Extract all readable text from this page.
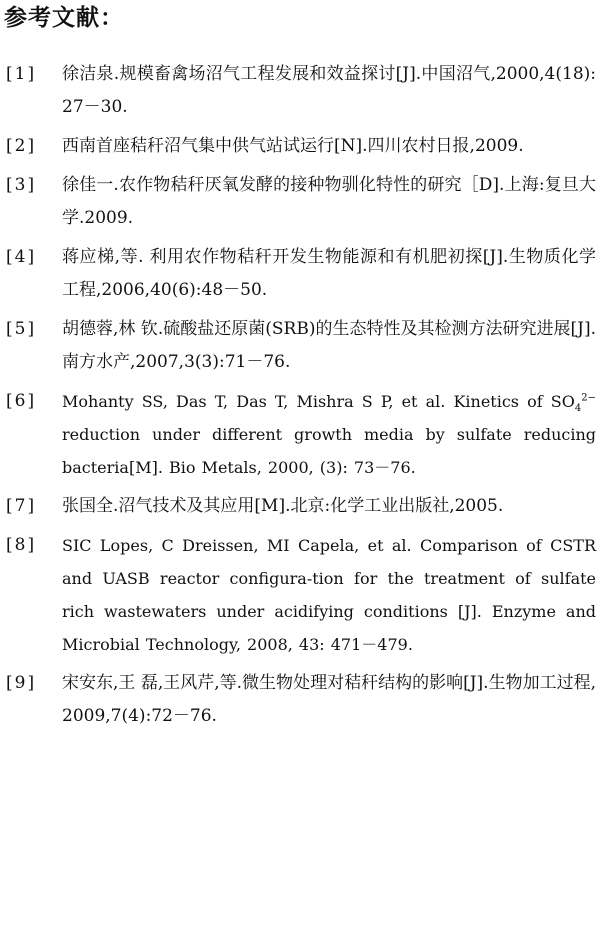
参考文献：
[1]	徐洁泉.规模畜禽场沼气工程发展和效益探讨[J].中国沼气,2000,4(18):27－30.
[2]	西南首座秸秆沼气集中供气站试运行[N].四川农村日报,2009.
[3]	徐佳一.农作物秸秆厌氧发酵的接种物驯化特性的研究［D].上海:复旦大学.2009.
[4]	蒋应梯,等. 利用农作物秸秆开发生物能源和有机肥初探[J].生物质化学工程,2006,40(6):48－50.
[5]	胡德蓉,林 钦.硫酸盐还原菌(SRB)的生态特性及其检测方法研究进展[J].南方水产,2007,3(3):71－76.
[6]	Mohanty SS, Das T, Das T, Mishra S P, et al. Kinetics of $SO_4^{2-}$ reduction under different growth media by sulfate reducing bacteria[M]. Bio Metals, 2000, (3): 73－76.
[7]	张国全.沼气技术及其应用[M].北京:化学工业出版社,2005.
[8]	SIC Lopes, C Dreissen, MI Capela, et al. Comparison of CSTR and UASB reactor configura-tion for the treatment of sulfate rich wastewaters under acidifying conditions [J]. Enzyme and Microbial Technology, 2008, 43: 471－479.
[9]	宋安东,王 磊,王风芹,等.微生物处理对秸秆结构的影响[J].生物加工过程,2009,7(4):72－76.
